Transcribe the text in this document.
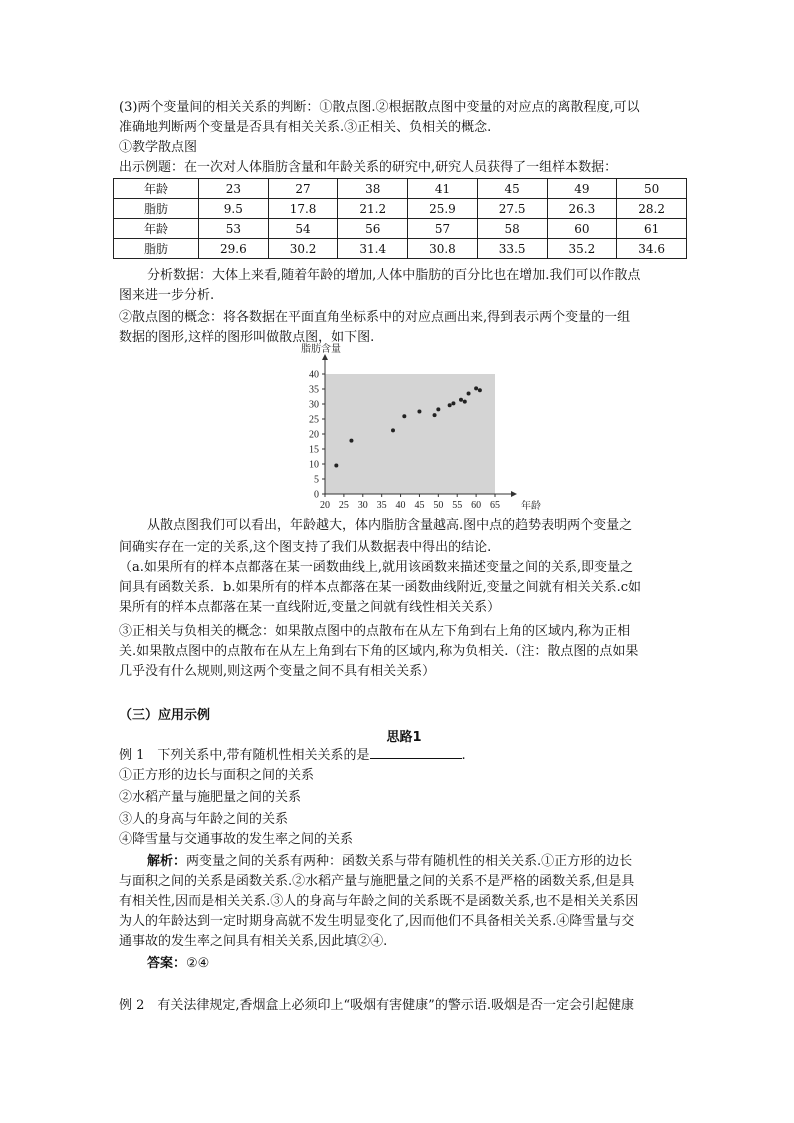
(3)两个变量间的相关关系的判断：①散点图.②根据散点图中变量的对应点的离散程度,可以

准确地判断两个变量是否具有相关关系.③正相关、负相关的概念.

①教学散点图

出示例题：在一次对人体脂肪含量和年龄关系的研究中,研究人员获得了一组样本数据：

年龄	23	27	38	41	45	49	50
脂肪	9.5	17.8	21.2	25.9	27.5	26.3	28.2
年龄	53	54	56	57	58	60	61
脂肪	29.6	30.2	31.4	30.8	33.5	35.2	34.6

分析数据：大体上来看,随着年龄的增加,人体中脂肪的百分比也在增加.我们可以作散点

图来进一步分析.

②散点图的概念：将各数据在平面直角坐标系中的对应点画出来,得到表示两个变量的一组

数据的图形,这样的图形叫做散点图，如下图.

0
5
10
15
20
25
30
35
40
20 25 30 35 40 45 50 55 60 65
脂肪含量
年龄

从散点图我们可以看出，年龄越大，体内脂肪含量越高.图中点的趋势表明两个变量之

间确实存在一定的关系,这个图支持了我们从数据表中得出的结论.

（a.如果所有的样本点都落在某一函数曲线上,就用该函数来描述变量之间的关系,即变量之

间具有函数关系．b.如果所有的样本点都落在某一函数曲线附近,变量之间就有相关关系.c如

果所有的样本点都落在某一直线附近,变量之间就有线性相关关系）

③正相关与负相关的概念：如果散点图中的点散布在从左下角到右上角的区域内,称为正相

关.如果散点图中的点散布在从左上角到右下角的区域内,称为负相关.（注：散点图的点如果

几乎没有什么规则,则这两个变量之间不具有相关关系）

（三）应用示例
思路1

例 1　下列关系中,带有随机性相关关系的是	.

①正方形的边长与面积之间的关系

②水稻产量与施肥量之间的关系

③人的身高与年龄之间的关系

④降雪量与交通事故的发生率之间的关系

解析：两变量之间的关系有两种：函数关系与带有随机性的相关关系.①正方形的边长

与面积之间的关系是函数关系.②水稻产量与施肥量之间的关系不是严格的函数关系,但是具

有相关性,因而是相关关系.③人的身高与年龄之间的关系既不是函数关系,也不是相关关系因

为人的年龄达到一定时期身高就不发生明显变化了,因而他们不具备相关关系.④降雪量与交

通事故的发生率之间具有相关关系,因此填②④.

答案：②④

例 2　有关法律规定,香烟盒上必须印上“吸烟有害健康”的警示语.吸烟是否一定会引起健康
